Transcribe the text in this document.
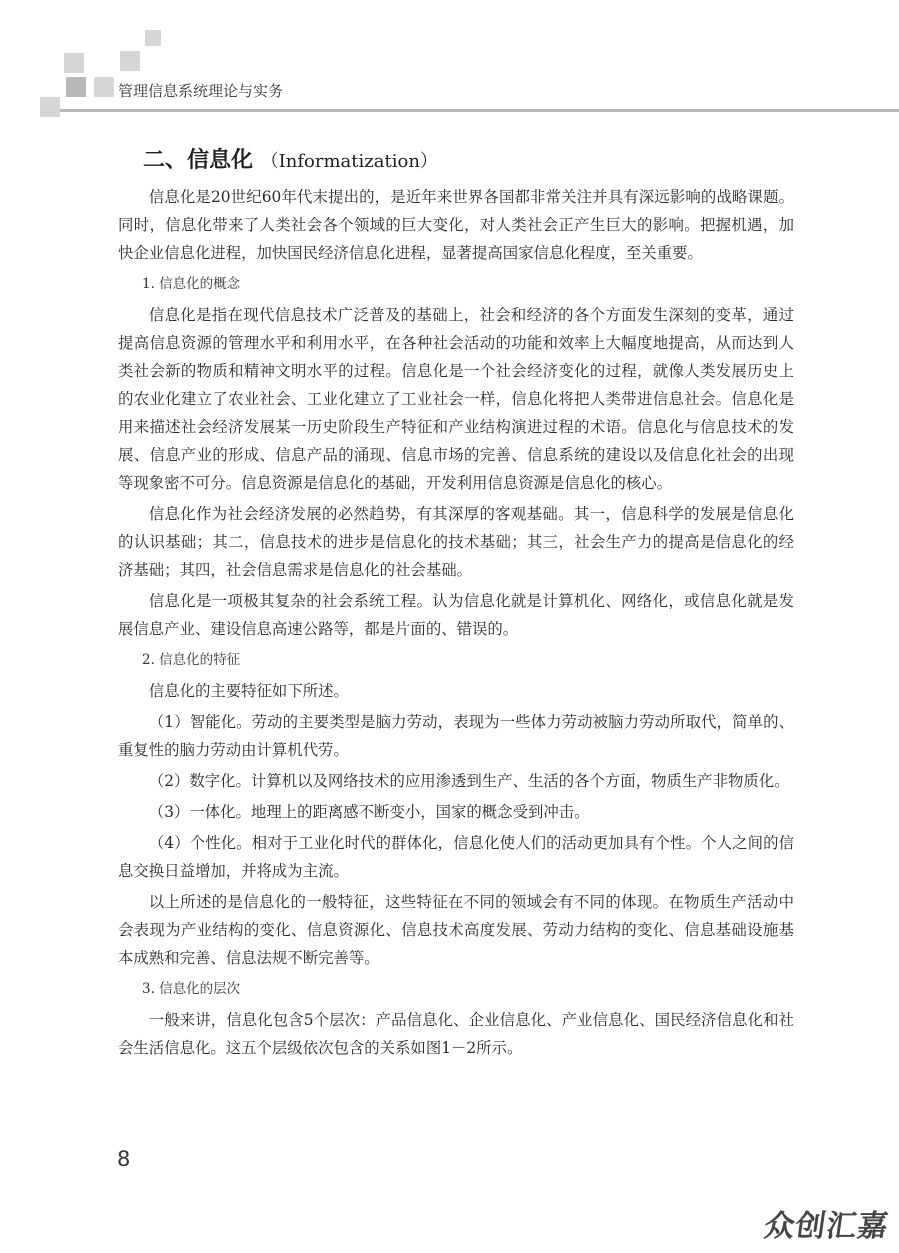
管理信息系统理论与实务
二、信息化 （Informatization）

信息化是20世纪60年代末提出的，是近年来世界各国都非常关注并具有深远影响的战略课题。同时，信息化带来了人类社会各个领域的巨大变化，对人类社会正产生巨大的影响。把握机遇，加快企业信息化进程，加快国民经济信息化进程，显著提高国家信息化程度，至关重要。

1. 信息化的概念

信息化是指在现代信息技术广泛普及的基础上，社会和经济的各个方面发生深刻的变革，通过提高信息资源的管理水平和利用水平，在各种社会活动的功能和效率上大幅度地提高，从而达到人类社会新的物质和精神文明水平的过程。信息化是一个社会经济变化的过程，就像人类发展历史上的农业化建立了农业社会、工业化建立了工业社会一样，信息化将把人类带进信息社会。信息化是用来描述社会经济发展某一历史阶段生产特征和产业结构演进过程的术语。信息化与信息技术的发展、信息产业的形成、信息产品的涌现、信息市场的完善、信息系统的建设以及信息化社会的出现等现象密不可分。信息资源是信息化的基础，开发利用信息资源是信息化的核心。

信息化作为社会经济发展的必然趋势，有其深厚的客观基础。其一，信息科学的发展是信息化的认识基础；其二，信息技术的进步是信息化的技术基础；其三，社会生产力的提高是信息化的经济基础；其四，社会信息需求是信息化的社会基础。

信息化是一项极其复杂的社会系统工程。认为信息化就是计算机化、网络化，或信息化就是发展信息产业、建设信息高速公路等，都是片面的、错误的。

2. 信息化的特征

信息化的主要特征如下所述。

（1）智能化。劳动的主要类型是脑力劳动，表现为一些体力劳动被脑力劳动所取代，简单的、重复性的脑力劳动由计算机代劳。

（2）数字化。计算机以及网络技术的应用渗透到生产、生活的各个方面，物质生产非物质化。

（3）一体化。地理上的距离感不断变小，国家的概念受到冲击。

（4）个性化。相对于工业化时代的群体化，信息化使人们的活动更加具有个性。个人之间的信息交换日益增加，并将成为主流。

以上所述的是信息化的一般特征，这些特征在不同的领域会有不同的体现。在物质生产活动中会表现为产业结构的变化、信息资源化、信息技术高度发展、劳动力结构的变化、信息基础设施基本成熟和完善、信息法规不断完善等。

3. 信息化的层次

一般来讲，信息化包含5个层次：产品信息化、企业信息化、产业信息化、国民经济信息化和社会生活信息化。这五个层级依次包含的关系如图1－2所示。

8
众创汇嘉
